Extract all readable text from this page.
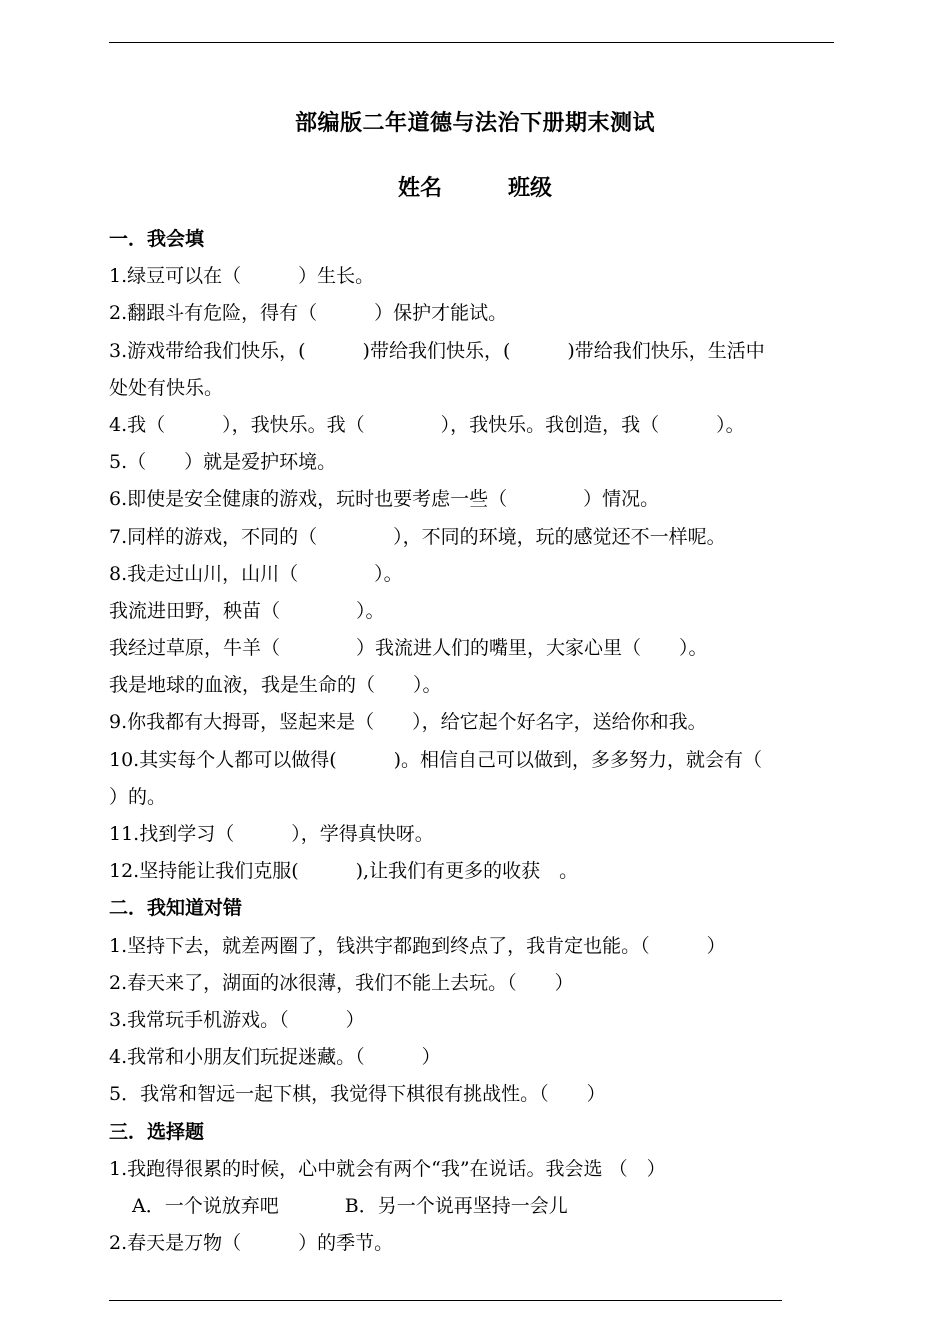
部编版二年道德与法治下册期末测试
姓名	班级
一．我会填
1.绿豆可以在（　　　）生长。
2.翻跟斗有危险，得有（　　　）保护才能试。
3.游戏带给我们快乐，(　　　)带给我们快乐，(　　　)带给我们快乐，生活中
处处有快乐。
4.我（　　　），我快乐。我（　　　　），我快乐。我创造，我（　　　）。
5.（　　）就是爱护环境。
6.即使是安全健康的游戏，玩时也要考虑一些（　　　　）情况。
7.同样的游戏，不同的（　　　　），不同的环境，玩的感觉还不一样呢。
8.我走过山川，山川（　　　　）。
我流进田野，秧苗（　　　　）。
我经过草原，牛羊（　　　　）我流进人们的嘴里，大家心里（　　）。
我是地球的血液，我是生命的（　　）。
9.你我都有大拇哥，竖起来是（　　），给它起个好名字，送给你和我。
10.其实每个人都可以做得(　　　)。相信自己可以做到，多多努力，就会有（
）的。
11.找到学习（　　　），学得真快呀。
12.坚持能让我们克服(　　　),让我们有更多的收获　。
二．我知道对错
1.坚持下去，就差两圈了，钱洪宇都跑到终点了，我肯定也能。（　　　）
2.春天来了，湖面的冰很薄，我们不能上去玩。（　　）
3.我常玩手机游戏。（　　　）
4.我常和小朋友们玩捉迷藏。（　　　）
5．我常和智远一起下棋，我觉得下棋很有挑战性。（　　）
三．选择题
1.我跑得很累的时候，心中就会有两个“我”在说话。我会选 （　）
A．一个说放弃吧	B．另一个说再坚持一会儿
2.春天是万物（　　　）的季节。
